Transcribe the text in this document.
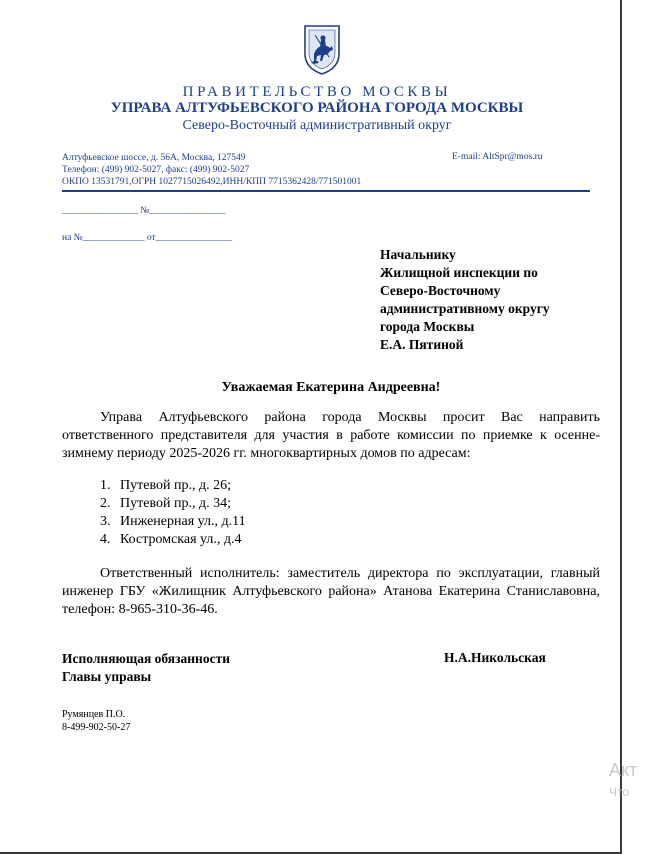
ПРАВИТЕЛЬСТВО МОСКВЫ
УПРАВА АЛТУФЬЕВСКОГО РАЙОНА ГОРОДА МОСКВЫ
Северо-Восточный административный округ
Алтуфьевское шоссе, д. 56А, Москва, 127549
Телефон: (499) 902-5027, факс: (499) 902-5027
ОКПО 13531791,ОГРН 1027715026492,ИНН/КПП 7715362428/771501001
E-mail: AltSpr@mos.ru
________________ №________________
на №_____________ от________________
Начальнику
Жилищной инспекции по
Северо-Восточному
административному округу
города Москвы
Е.А. Пятиной
Уважаемая Екатерина Андреевна!
Управа Алтуфьевского района города Москвы просит Вас направить ответственного представителя для участия в работе комиссии по приемке к осенне-зимнему периоду 2025-2026 гг. многоквартирных домов по адресам:
1. Путевой пр., д. 26;
2. Путевой пр., д. 34;
3. Инженерная ул., д.11
4. Костромская ул., д.4
Ответственный исполнитель: заместитель директора по эксплуатации, главный инженер ГБУ «Жилищник Алтуфьевского района» Атанова Екатерина Станиславовна, телефон: 8-965-310-36-46.
Исполняющая обязанности
Главы управы
Н.А.Никольская
Румянцев П.О.
8-499-902-50-27
Акт
Что
